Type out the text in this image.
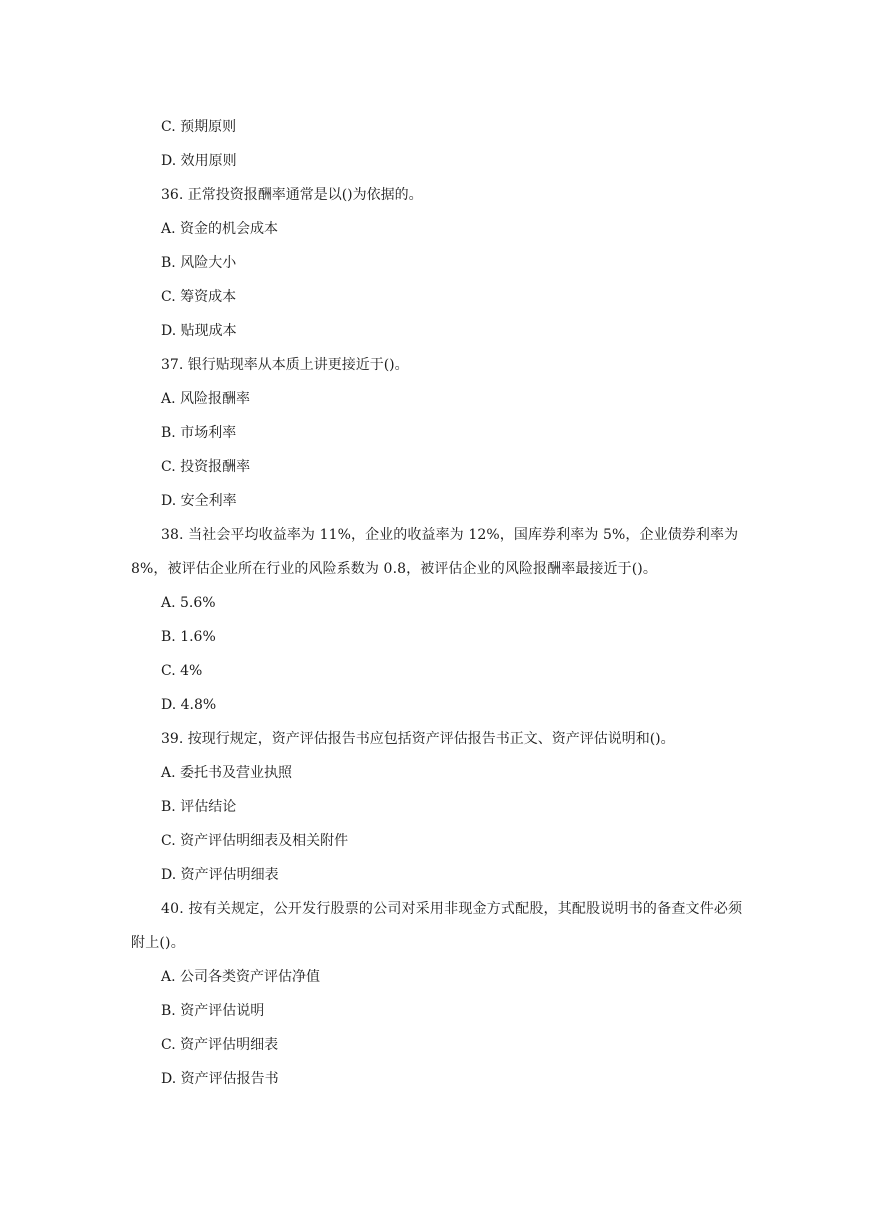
C. 预期原则
D. 效用原则
36. 正常投资报酬率通常是以()为依据的。
A. 资金的机会成本
B. 风险大小
C. 筹资成本
D. 贴现成本
37. 银行贴现率从本质上讲更接近于()。
A. 风险报酬率
B. 市场利率
C. 投资报酬率
D. 安全利率
38. 当社会平均收益率为 11%，企业的收益率为 12%，国库券利率为 5%，企业债券利率为 8%，被评估企业所在行业的风险系数为 0.8，被评估企业的风险报酬率最接近于()。
A. 5.6%
B. 1.6%
C. 4%
D. 4.8%
39. 按现行规定，资产评估报告书应包括资产评估报告书正文、资产评估说明和()。
A. 委托书及营业执照
B. 评估结论
C. 资产评估明细表及相关附件
D. 资产评估明细表
40. 按有关规定，公开发行股票的公司对采用非现金方式配股，其配股说明书的备查文件必须附上()。
A. 公司各类资产评估净值
B. 资产评估说明
C. 资产评估明细表
D. 资产评估报告书
